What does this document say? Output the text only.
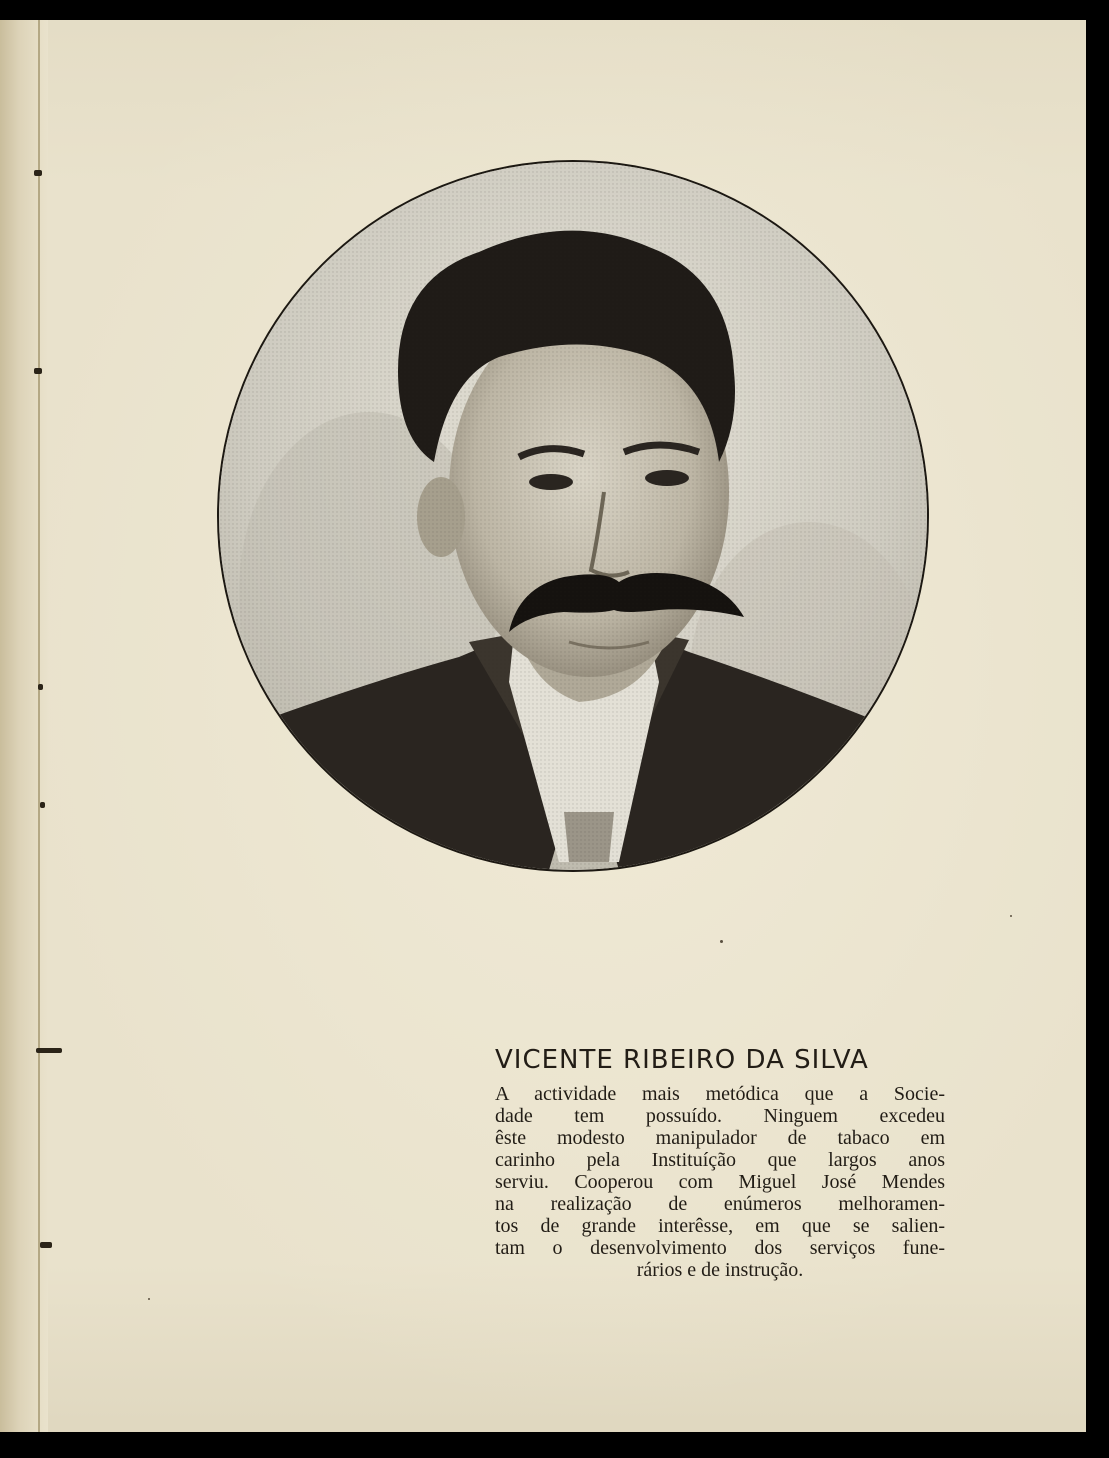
VICENTE RIBEIRO DA SILVA
A actividade mais metódica que a Socie-
dade tem possuído. Ninguem excedeu
êste modesto manipulador de tabaco em
carinho pela Instituíção que largos anos
serviu. Cooperou com Miguel José Mendes
na realização de enúmeros melhoramen-
tos de grande interêsse, em que se salien-
tam o desenvolvimento dos serviços fune-
rários e de instrução.
